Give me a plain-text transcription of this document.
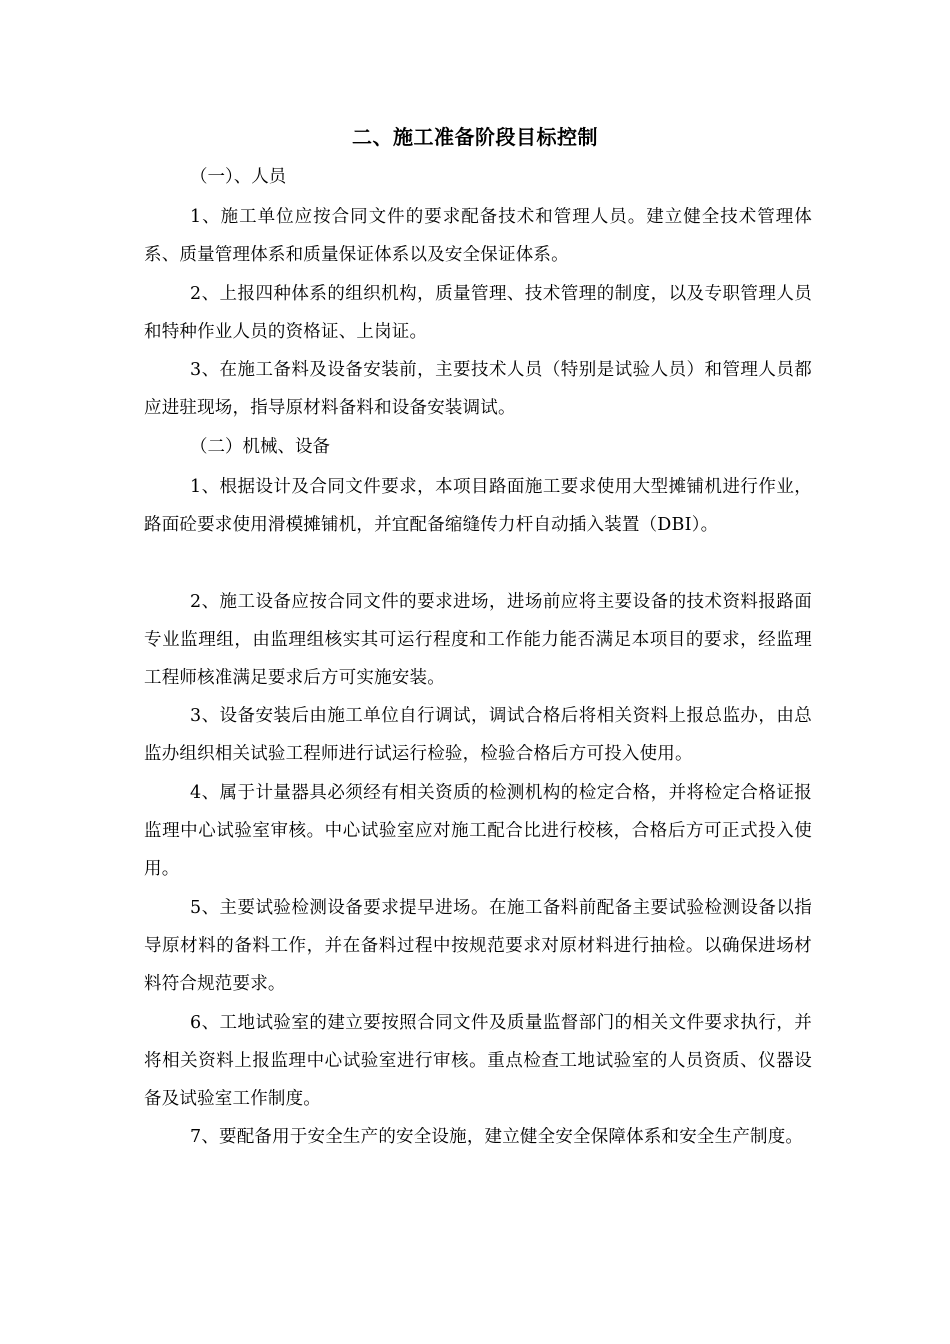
二、施工准备阶段目标控制
（一）、人员
1、施工单位应按合同文件的要求配备技术和管理人员。建立健全技术管理体系、质量管理体系和质量保证体系以及安全保证体系。
2、上报四种体系的组织机构，质量管理、技术管理的制度，以及专职管理人员和特种作业人员的资格证、上岗证。
3、在施工备料及设备安装前，主要技术人员（特别是试验人员）和管理人员都应进驻现场，指导原材料备料和设备安装调试。
（二）机械、设备
1、根据设计及合同文件要求，本项目路面施工要求使用大型摊铺机进行作业，路面砼要求使用滑模摊铺机，并宜配备缩缝传力杆自动插入装置（DBI）。
2、施工设备应按合同文件的要求进场，进场前应将主要设备的技术资料报路面专业监理组，由监理组核实其可运行程度和工作能力能否满足本项目的要求，经监理工程师核准满足要求后方可实施安装。
3、设备安装后由施工单位自行调试，调试合格后将相关资料上报总监办，由总监办组织相关试验工程师进行试运行检验，检验合格后方可投入使用。
4、属于计量器具必须经有相关资质的检测机构的检定合格，并将检定合格证报监理中心试验室审核。中心试验室应对施工配合比进行校核，合格后方可正式投入使用。
5、主要试验检测设备要求提早进场。在施工备料前配备主要试验检测设备以指导原材料的备料工作，并在备料过程中按规范要求对原材料进行抽检。以确保进场材料符合规范要求。
6、工地试验室的建立要按照合同文件及质量监督部门的相关文件要求执行，并将相关资料上报监理中心试验室进行审核。重点检查工地试验室的人员资质、仪器设备及试验室工作制度。
7、要配备用于安全生产的安全设施，建立健全安全保障体系和安全生产制度。
